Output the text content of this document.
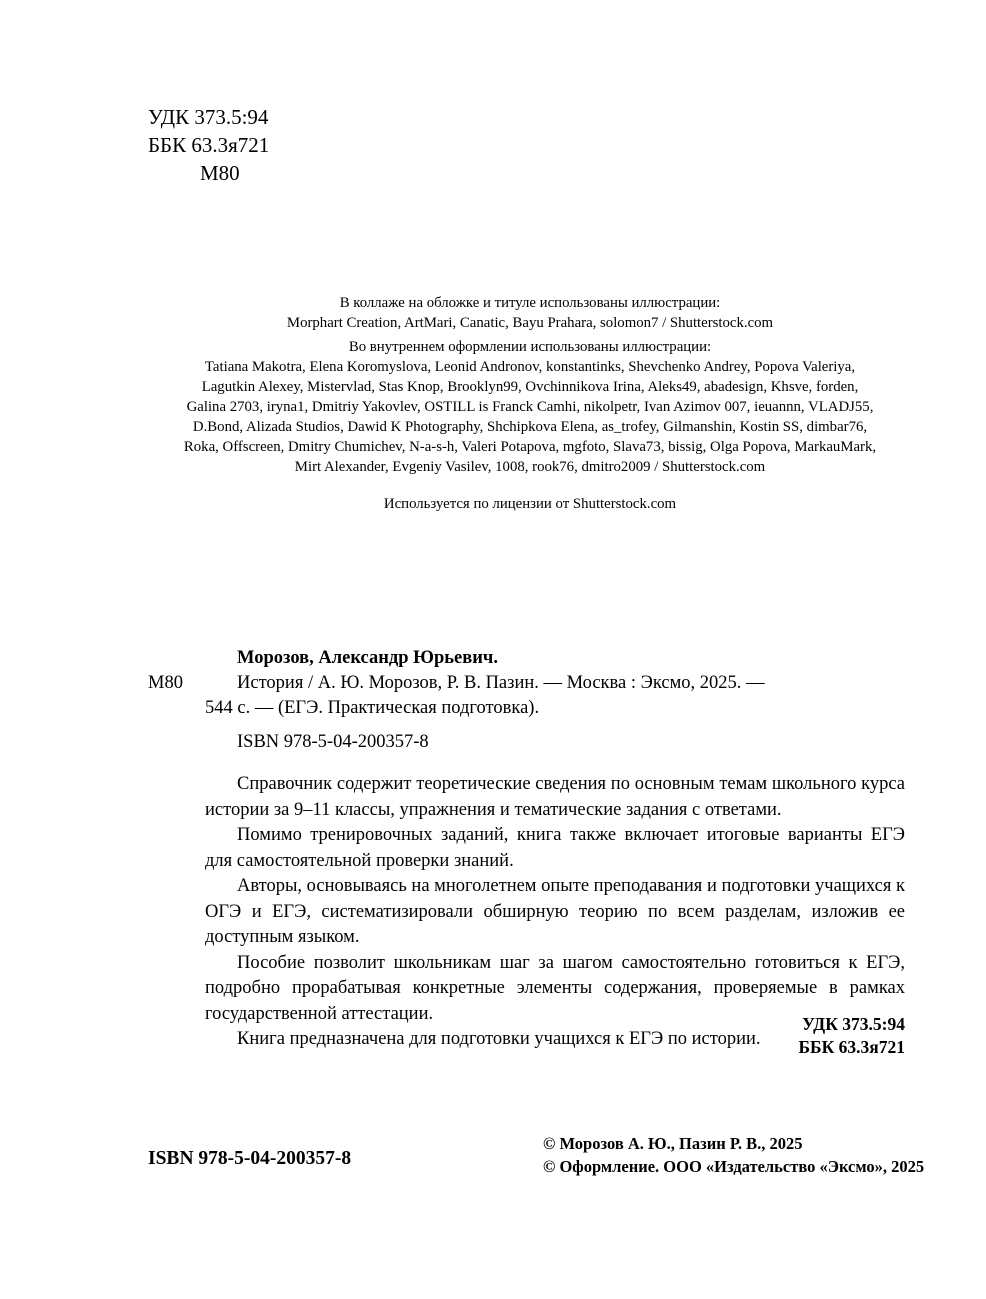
УДК 373.5:94
ББК 63.3я721
М80
В коллаже на обложке и титуле использованы иллюстрации:
Morphart Creation, ArtMari, Canatic, Bayu Prahara, solomon7 / Shutterstock.com
Во внутреннем оформлении использованы иллюстрации:
Tatiana Makotra, Elena Koromyslova, Leonid Andronov, konstantinks, Shevchenko Andrey, Popova Valeriya,
Lagutkin Alexey, Mistervlad, Stas Knop, Brooklyn99, Ovchinnikova Irina, Aleks49, abadesign, Khsve, forden,
Galina 2703, iryna1, Dmitriy Yakovlev, OSTILL is Franck Camhi, nikolpetr, Ivan Azimov 007, ieuannn, VLADJ55,
D.Bond, Alizada Studios, Dawid K Photography, Shchipkova Elena, as_trofey, Gilmanshin, Kostin SS, dimbar76,
Roka, Offscreen, Dmitry Chumichev, N-a-s-h, Valeri Potapova, mgfoto, Slava73, bissig, Olga Popova, MarkauMark,
Mirt Alexander, Evgeniy Vasilev, 1008, rook76, dmitro2009 / Shutterstock.com
Используется по лицензии от Shutterstock.com
Морозов, Александр Юрьевич.
М80	История / А. Ю. Морозов, Р. В. Пазин. — Москва : Эксмо, 2025. —
544 с. — (ЕГЭ. Практическая подготовка).
ISBN 978-5-04-200357-8

Справочник содержит теоретические сведения по основным темам школьного курса истории за 9–11 классы, упражнения и тематические задания с ответами.

Помимо тренировочных заданий, книга также включает итоговые варианты ЕГЭ для самостоятельной проверки знаний.

Авторы, основываясь на многолетнем опыте преподавания и подготовки учащихся к ОГЭ и ЕГЭ, систематизировали обширную теорию по всем разделам, изложив ее доступным языком.

Пособие позволит школьникам шаг за шагом самостоятельно готовиться к ЕГЭ, подробно прорабатывая конкретные элементы содержания, проверяемые в рамках государственной аттестации.

Книга предназначена для подготовки учащихся к ЕГЭ по истории.

УДК 373.5:94
ББК 63.3я721
ISBN 978-5-04-200357-8
© Морозов А. Ю., Пазин Р. В., 2025
© Оформление. ООО «Издательство «Эксмо», 2025
